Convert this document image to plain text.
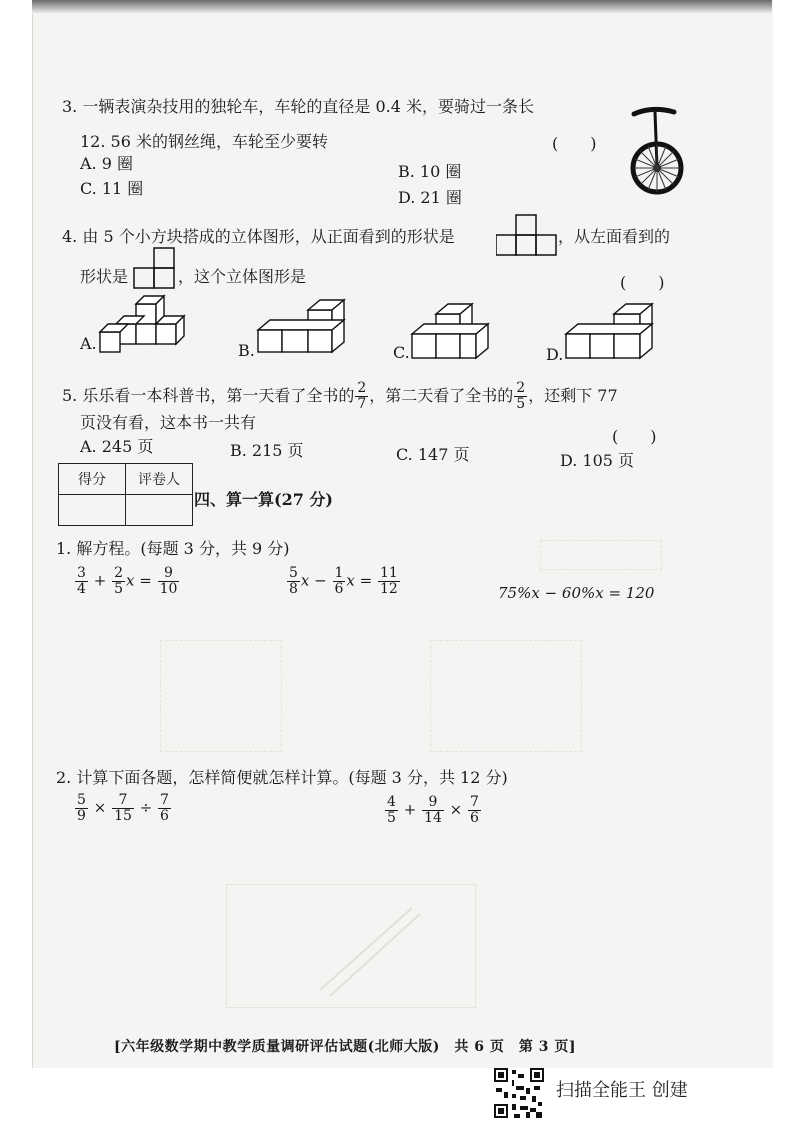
3. 一辆表演杂技用的独轮车，车轮的直径是 0.4 米，要骑过一条长
12. 56 米的钢丝绳，车轮至少要转	(　　)
A. 9 圈	B. 10 圈
C. 11 圈	D. 21 圈
4. 由 5 个小方块搭成的立体图形，从正面看到的形状是	，从左面看到的
形状是	，这个立体图形是	(　　)
A.	B.	C.	D.
5. 乐乐看一本科普书，第一天看了全书的 $\frac{2}{7}$ ，第二天看了全书的 $\frac{2}{5}$ ，还剩下 77
页没有看，这本书一共有
(　　)
A. 245 页	B. 215 页	C. 147 页	D. 105 页
得分	评卷人

四、算一算(27 分)
1. 解方程。(每题 3 分，共 9 分)
$\frac{3}{4} + \frac{2}{5}$ $x = \frac{9}{10}$	$\frac{5}{8}$ $x - \frac{1}{6}$ $x = \frac{11}{12}$	75%x − 60%x = 120
2. 计算下面各题，怎样简便就怎样计算。(每题 3 分，共 12 分)
$\frac{5}{9} \times \frac{7}{15} \div \frac{7}{6}$	$\frac{4}{5} + \frac{9}{14} \times \frac{7}{6}$
[六年级数学期中教学质量调研评估试题(北师大版)　共 6 页　第 3 页]
扫描全能王 创建
